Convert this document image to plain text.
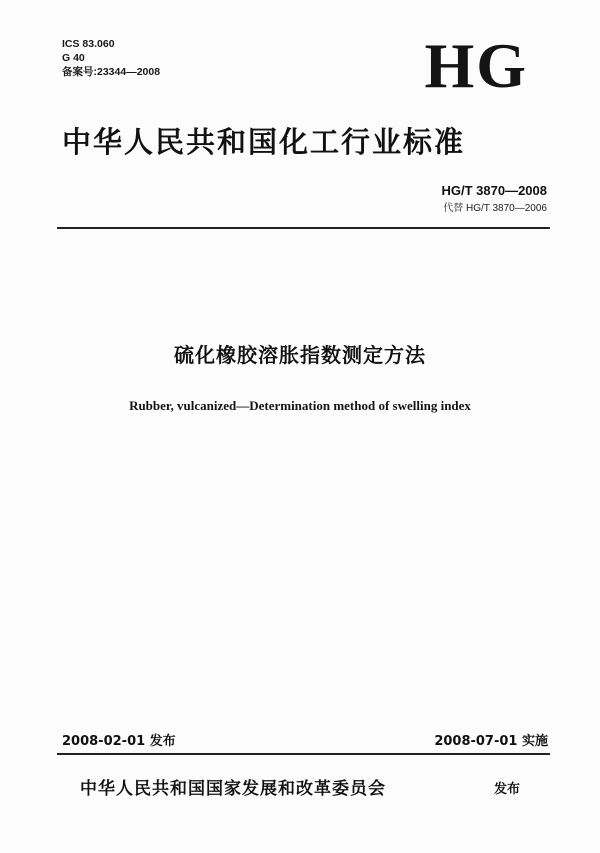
ICS 83.060
G 40
备案号:23344—2008	HG
中华人民共和国化工行业标准
HG/T 3870—2008
代替 HG/T 3870—2006
硫化橡胶溶胀指数测定方法
Rubber, vulcanized—Determination method of swelling index
2008-02-01 发布	2008-07-01 实施
中华人民共和国国家发展和改革委员会	发布
